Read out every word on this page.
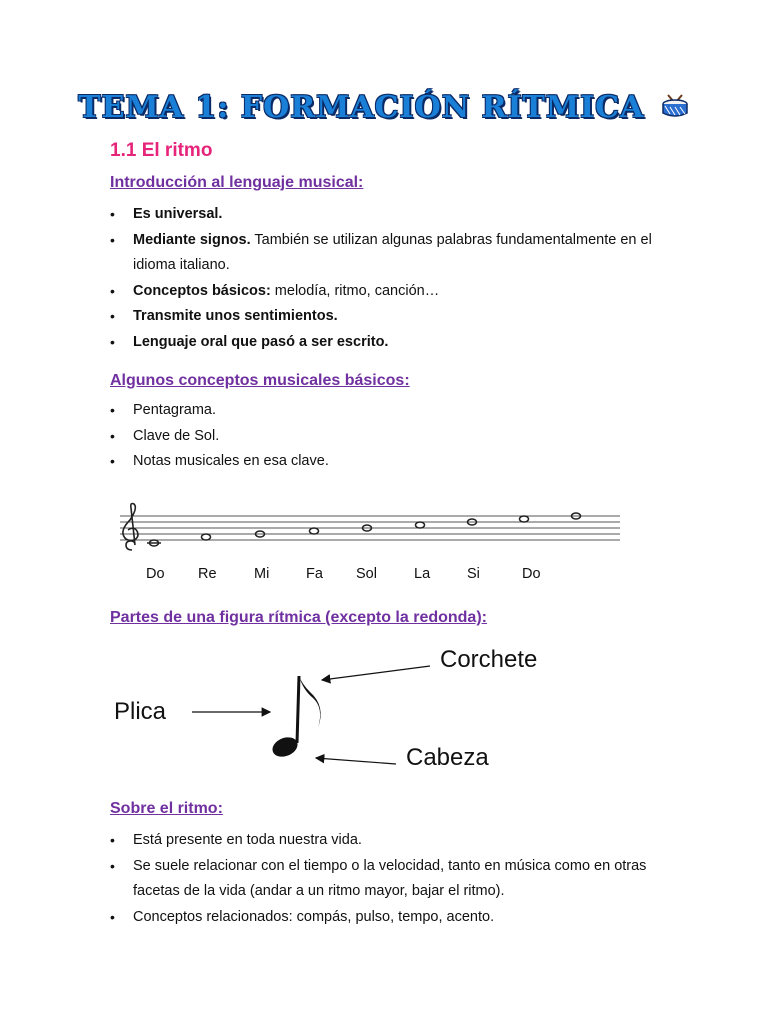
TEMA 1: FORMACIÓN RÍTMICA
1.1 El ritmo
Introducción al lenguaje musical:
• Es universal.
• Mediante signos. También se utilizan algunas palabras fundamentalmente en el idioma italiano.
• Conceptos básicos: melodía, ritmo, canción…
• Transmite unos sentimientos.
• Lenguaje oral que pasó a ser escrito.
Algunos conceptos musicales básicos:
• Pentagrama.
• Clave de Sol.
• Notas musicales en esa clave.
Do Re	Mi	Fa Sol	La	Si	Do
Partes de una figura rítmica (excepto la redonda):
Plica
Corchete
Cabeza
Sobre el ritmo:
• Está presente en toda nuestra vida.
• Se suele relacionar con el tiempo o la velocidad, tanto en música como en otras facetas de la vida (andar a un ritmo mayor, bajar el ritmo).
• Conceptos relacionados: compás, pulso, tempo, acento.
